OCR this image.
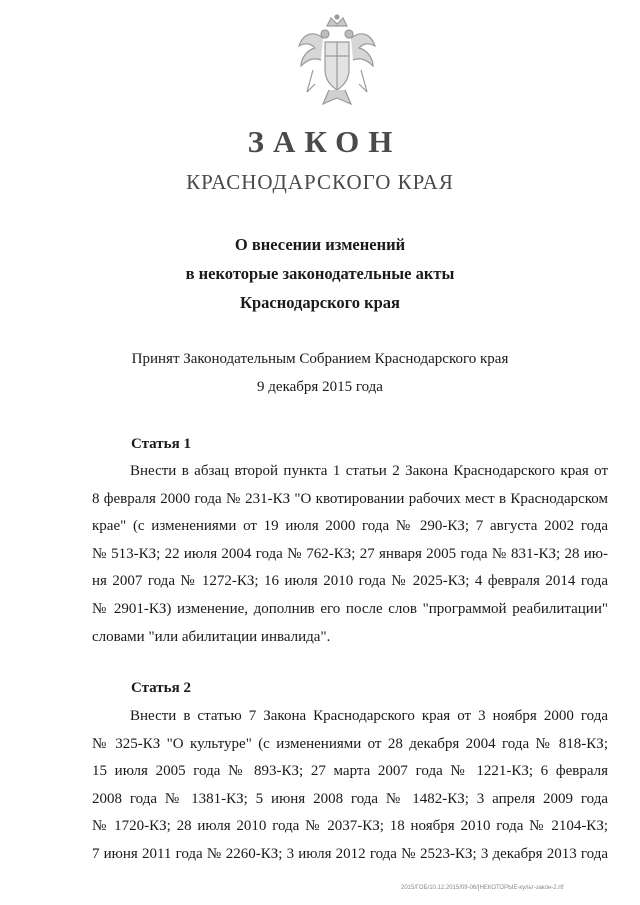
ЗАКОН
КРАСНОДАРСКОГО КРАЯ
О внесении изменений
в некоторые законодательные акты
Краснодарского края
Принят Законодательным Собранием Краснодарского края
9 декабря 2015 года
Статья 1
Внести в абзац второй пункта 1 статьи 2 Закона Краснодарского края от
8 февраля 2000 года № 231-КЗ "О квотировании рабочих мест в Краснодарском
крае" (с изменениями от 19 июля 2000 года № 290-КЗ; 7 августа 2002 года
№ 513-КЗ; 22 июля 2004 года № 762-КЗ; 27 января 2005 года № 831-КЗ; 28 ию-
ня 2007 года № 1272-КЗ; 16 июля 2010 года № 2025-КЗ; 4 февраля 2014 года
№ 2901-КЗ) изменение, дополнив его после слов "программой реабилитации"
словами "или абилитации инвалида".
Статья 2
Внести в статью 7 Закона Краснодарского края от 3 ноября 2000 года
№ 325-КЗ "О культуре" (с изменениями от 28 декабря 2004 года № 818-КЗ;
15 июля 2005 года № 893-КЗ; 27 марта 2007 года № 1221-КЗ; 6 февраля
2008 года № 1381-КЗ; 5 июня 2008 года № 1482-КЗ; 3 апреля 2009 года
№ 1720-КЗ; 28 июля 2010 года № 2037-КЗ; 18 ноября 2010 года № 2104-КЗ;
7 июня 2011 года № 2260-КЗ; 3 июля 2012 года № 2523-КЗ; 3 декабря 2013 года
2015/ГОБ/10.12.2015/09-06/[НЕКОТОРЫЕ-культ-закон-2.rtf
